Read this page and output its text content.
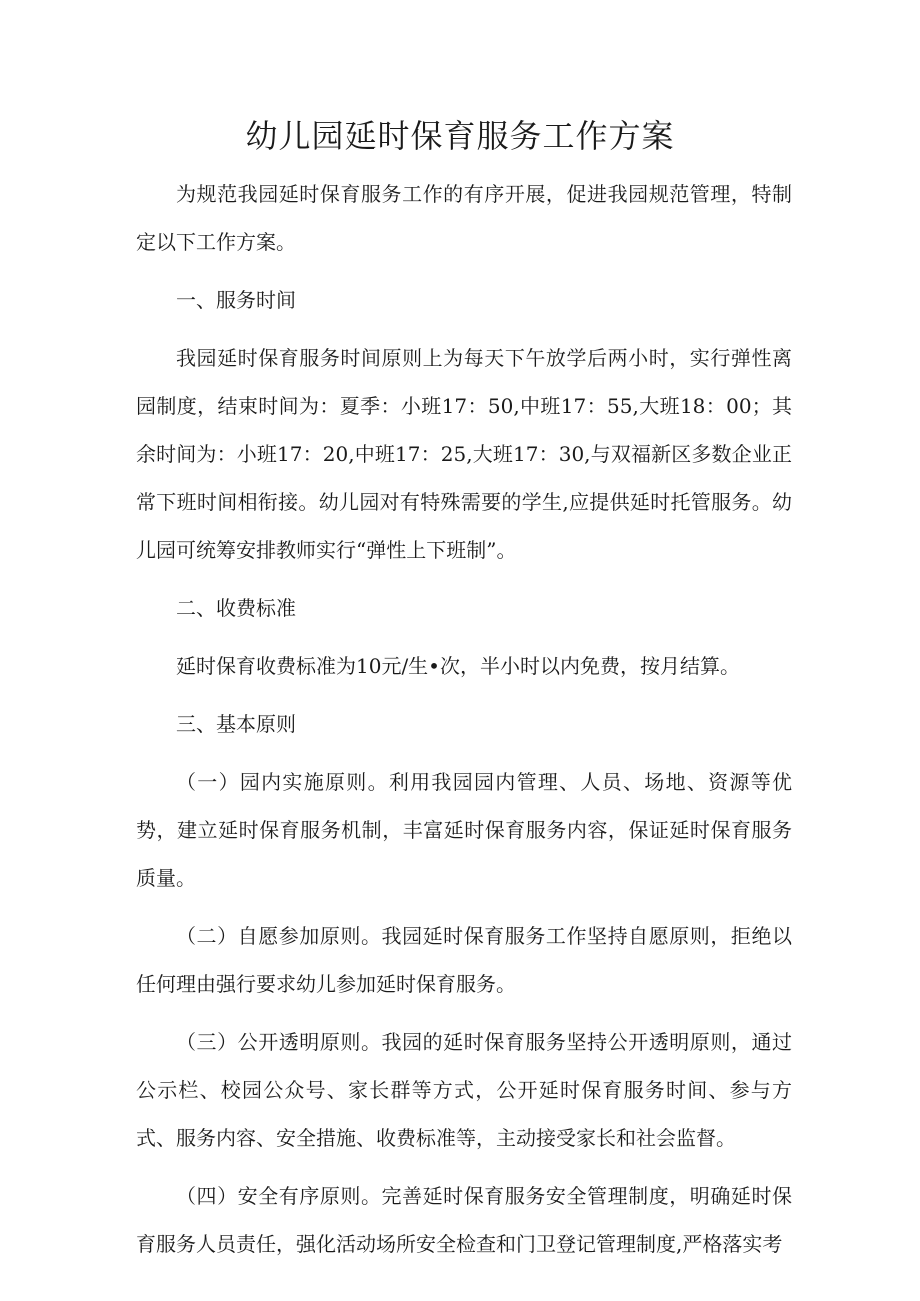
幼儿园延时保育服务工作方案

为规范我园延时保育服务工作的有序开展，促进我园规范管理，特制定以下工作方案。

一、服务时间

我园延时保育服务时间原则上为每天下午放学后两小时，实行弹性离园制度，结束时间为：夏季：小班17：50,中班17：55,大班18：00；其余时间为：小班17：20,中班17：25,大班17：30,与双福新区多数企业正常下班时间相衔接。幼儿园对有特殊需要的学生,应提供延时托管服务。幼儿园可统筹安排教师实行“弹性上下班制”。

二、收费标准

延时保育收费标准为10元/生•次，半小时以内免费，按月结算。

三、基本原则

（一）园内实施原则。利用我园园内管理、人员、场地、资源等优势，建立延时保育服务机制，丰富延时保育服务内容，保证延时保育服务质量。

（二）自愿参加原则。我园延时保育服务工作坚持自愿原则，拒绝以任何理由强行要求幼儿参加延时保育服务。

（三）公开透明原则。我园的延时保育服务坚持公开透明原则，通过公示栏、校园公众号、家长群等方式，公开延时保育服务时间、参与方式、服务内容、安全措施、收费标准等，主动接受家长和社会监督。

（四）安全有序原则。完善延时保育服务安全管理制度，明确延时保育服务人员责任，强化活动场所安全检查和门卫登记管理制度,严格落实考
